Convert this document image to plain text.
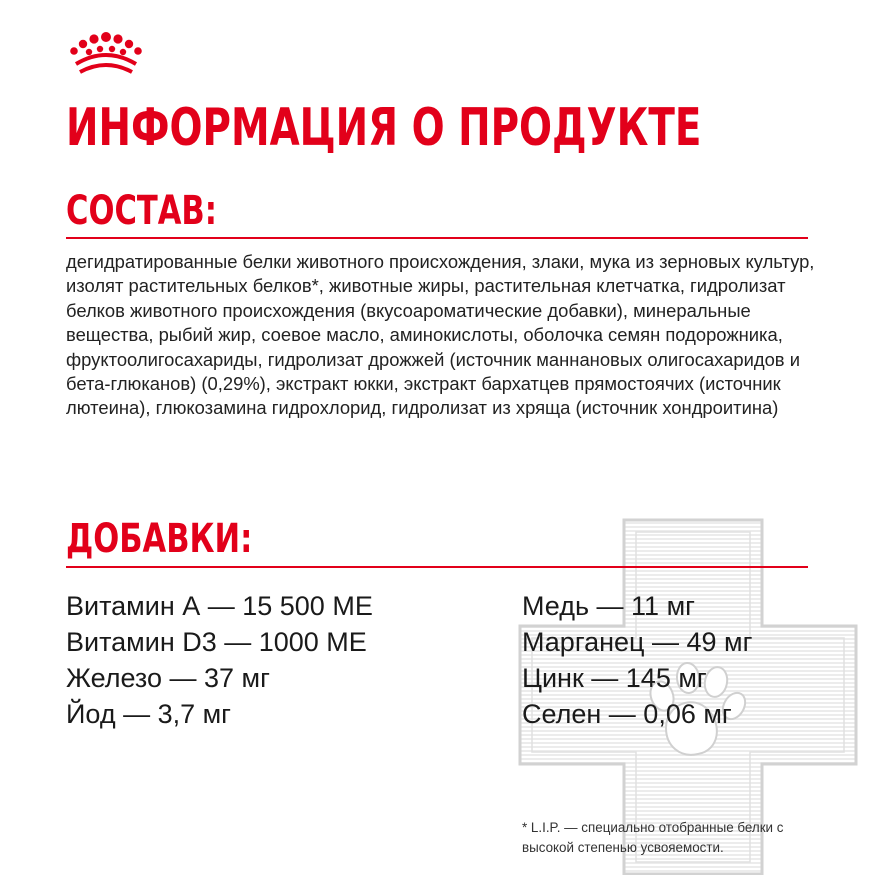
ИНФОРМАЦИЯ О ПРОДУКТЕ
СОСТАВ:

дегидратированные белки животного происхождения, злаки, мука из зерновых культур, изолят растительных белков*, животные жиры, растительная клетчатка, гидролизат белков животного происхождения (вкусоароматические добавки), минеральные вещества, рыбий жир, соевое масло, аминокислоты, оболочка семян подорожника, фруктоолигосахариды, гидролизат дрожжей (источник маннановых олигосахаридов и бета-глюканов) (0,29%), экстракт юкки, экстракт бархатцев прямостоячих (источник лютеина), глюкозамина гидрохлорид, гидролизат из хряща (источник хондроитина)

ДОБАВКИ:
Витамин А — 15 500 МЕ
Витамин D3 — 1000 МЕ
Железо — 37 мг
Йод — 3,7 мг
Медь — 11 мг
Марганец — 49 мг
Цинк — 145 мг
Селен — 0,06 мг

* L.I.P. — специально отобранные белки с высокой степенью усвояемости.
